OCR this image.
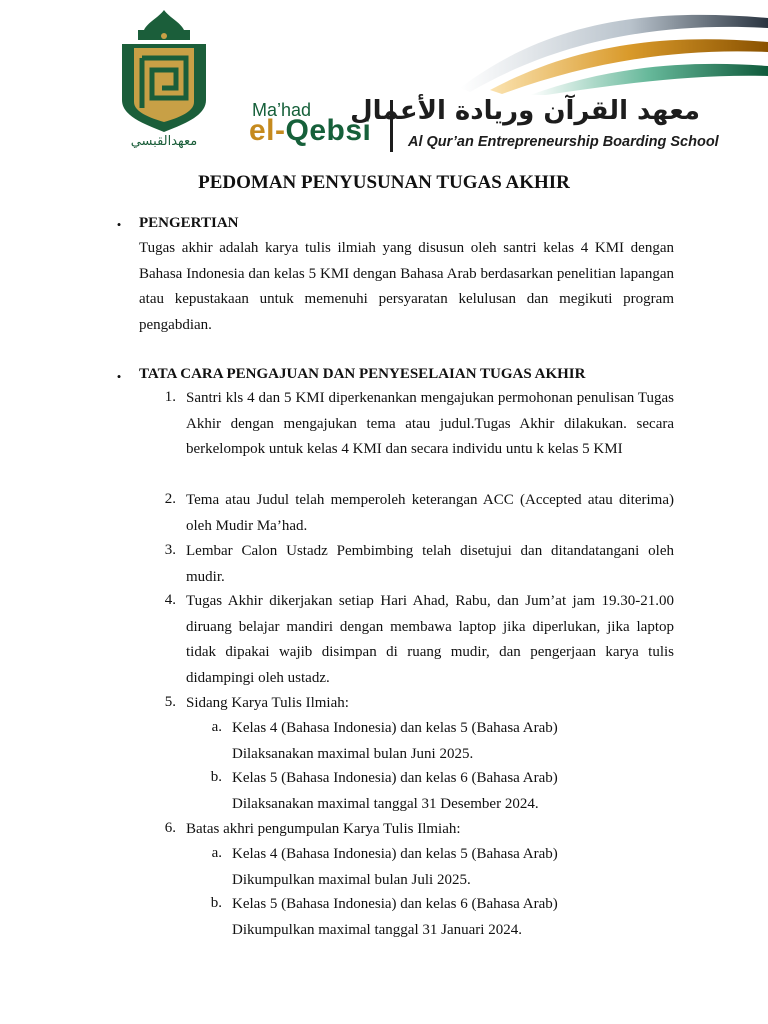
معهدالقبسي
Ma’had
el-Qebsi
معهد القرآن وريادة الأعمال
Al Qur’an Entrepreneurship Boarding School
PEDOMAN PENYUSUNAN TUGAS AKHIR
•	PENGERTIAN
Tugas akhir adalah karya tulis ilmiah yang disusun oleh santri kelas 4 KMI dengan Bahasa Indonesia dan kelas 5 KMI dengan Bahasa Arab berdasarkan penelitian lapangan atau kepustakaan untuk memenuhi persyaratan kelulusan dan megikuti program pengabdian.
•	TATA CARA PENGAJUAN DAN PENYESELAIAN TUGAS AKHIR
1. Santri kls 4 dan 5 KMI diperkenankan mengajukan permohonan penulisan Tugas Akhir dengan mengajukan tema atau judul.Tugas Akhir dilakukan. secara berkelompok untuk kelas 4 KMI dan secara individu untu k kelas 5 KMI
2. Tema atau Judul telah memperoleh keterangan ACC (Accepted atau diterima) oleh Mudir Ma’had.
3. Lembar Calon Ustadz Pembimbing telah disetujui dan ditandatangani oleh mudir.
4. Tugas Akhir dikerjakan setiap Hari Ahad, Rabu, dan Jum’at jam 19.30-21.00 diruang belajar mandiri dengan membawa laptop jika diperlukan, jika laptop tidak dipakai wajib disimpan di ruang mudir, dan pengerjaan karya tulis didampingi oleh ustadz.
5. Sidang Karya Tulis Ilmiah:
a. Kelas 4 (Bahasa Indonesia) dan kelas 5 (Bahasa Arab)
Dilaksanakan maximal bulan Juni 2025.
b. Kelas 5 (Bahasa Indonesia) dan kelas 6 (Bahasa Arab)
Dilaksanakan maximal tanggal 31 Desember 2024.
6. Batas akhri pengumpulan Karya Tulis Ilmiah:
a. Kelas 4 (Bahasa Indonesia) dan kelas 5 (Bahasa Arab)
Dikumpulkan maximal bulan Juli 2025.
b. Kelas 5 (Bahasa Indonesia) dan kelas 6 (Bahasa Arab)
Dikumpulkan maximal tanggal 31 Januari 2024.
